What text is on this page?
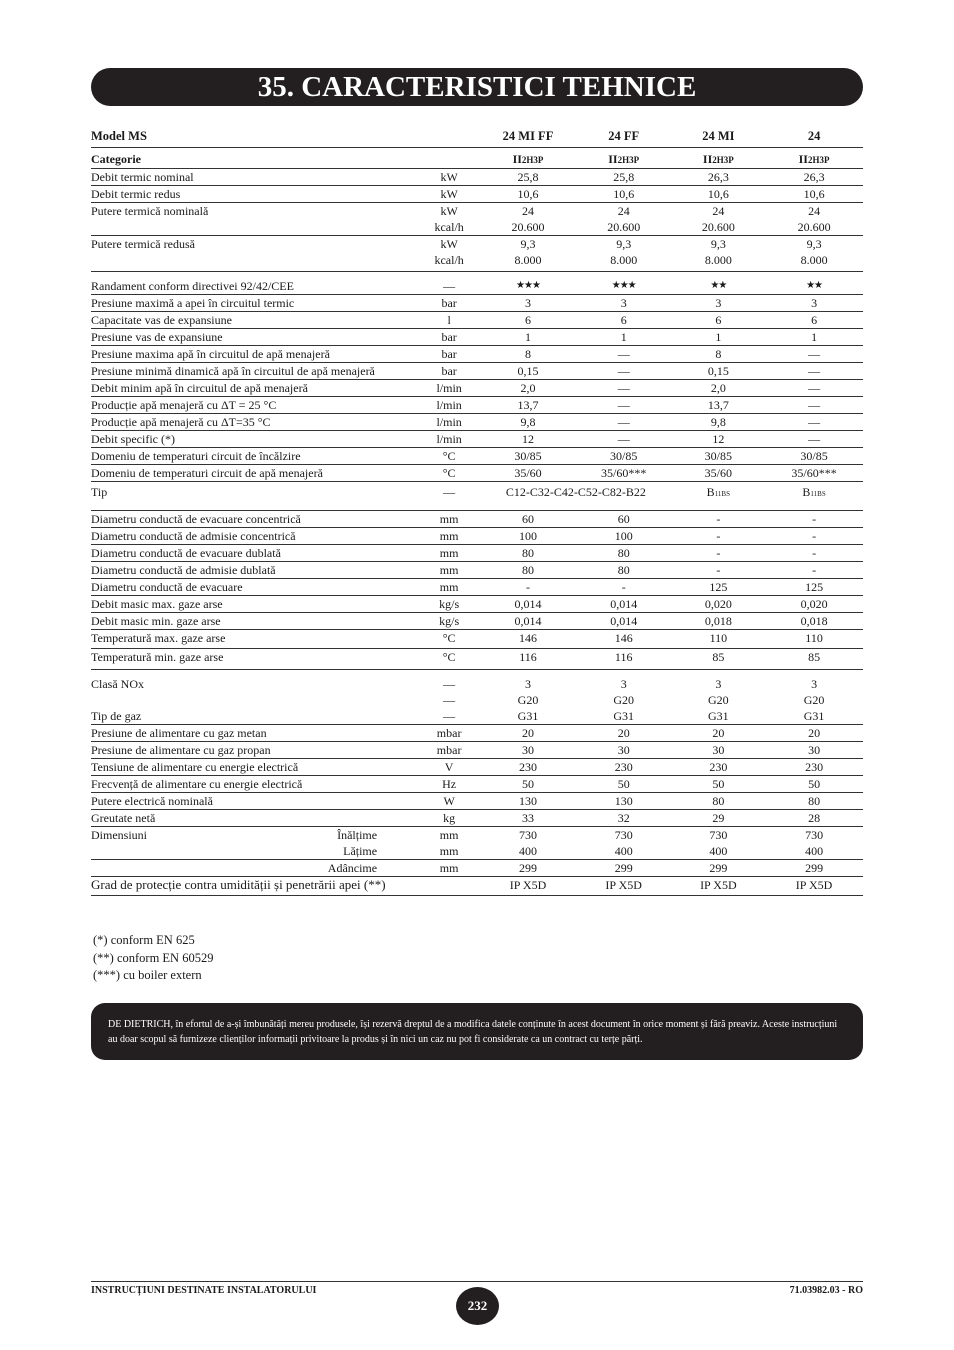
35. CARACTERISTICI TEHNICE
Model MS		24 MI FF	24 FF	24 MI	24
Categorie		II2H3P	II2H3P	II2H3P	II2H3P
Debit termic nominal	kW	25,8	25,8	26,3	26,3
Debit termic redus	kW	10,6	10,6	10,6	10,6
Putere termică nominală	kW	24	24	24	24
	kcal/h	20.600	20.600	20.600	20.600
Putere termică redusă	kW	9,3	9,3	9,3	9,3
	kcal/h	8.000	8.000	8.000	8.000
Randament conform directivei 92/42/CEE	—	★★★	★★★	★★	★★
Presiune maximă a apei în circuitul termic	bar	3	3	3	3
Capacitate vas de expansiune	l	6	6	6	6
Presiune vas de expansiune	bar	1	1	1	1
Presiune maxima apă în circuitul de apă menajeră	bar	8	—	8	—
Presiune minimă dinamică apă în circuitul de apă menajeră	bar	0,15	—	0,15	—
Debit minim apă în circuitul de apă menajeră	l/min	2,0	—	2,0	—
Producție apă menajeră cu ΔT = 25 °C	l/min	13,7	—	13,7	—
Producție apă menajeră cu ΔT=35 °C	l/min	9,8	—	9,8	—
Debit specific (*)	l/min	12	—	12	—
Domeniu de temperaturi circuit de încălzire	°C	30/85	30/85	30/85	30/85
Domeniu de temperaturi circuit de apă menajeră	°C	35/60	35/60***	35/60	35/60***
Tip	—	C12-C32-C42-C52-C82-B22		B11BS	B11BS
Diametru conductă de evacuare concentrică	mm	60	60	-	-
Diametru conductă de admisie concentrică	mm	100	100	-	-
Diametru conductă de evacuare dublată	mm	80	80	-	-
Diametru conductă de admisie dublată	mm	80	80	-	-
Diametru conductă de evacuare	mm	-	-	125	125
Debit masic max. gaze arse	kg/s	0,014	0,014	0,020	0,020
Debit masic min. gaze arse	kg/s	0,014	0,014	0,018	0,018
Temperatură max. gaze arse	°C	146	146	110	110
Temperatură min. gaze arse	°C	116	116	85	85
Clasă NOx	—	3	3	3	3
	—	G20	G20	G20	G20
Tip de gaz	—	G31	G31	G31	G31
Presiune de alimentare cu gaz metan	mbar	20	20	20	20
Presiune de alimentare cu gaz propan	mbar	30	30	30	30
Tensiune de alimentare cu energie electrică	V	230	230	230	230
Frecvență de alimentare cu energie electrică	Hz	50	50	50	50
Putere electrică nominală	W	130	130	80	80
Greutate netă	kg	33	32	29	28
Dimensiuni Înălțime	mm	730	730	730	730

Lățime	mm	400	400	400	400

Adâncime	mm	299	299	299	299
Grad de protecție contra umidității și penetrării apei (**)		IP X5D	IP X5D	IP X5D	IP X5D
(*) conform EN 625
(**) conform EN 60529
(***) cu boiler extern
DE DIETRICH, în efortul de a-și îmbunătăți mereu produsele, își rezervă dreptul de a modifica datele conținute în acest document în orice moment și fără preaviz. Aceste instrucțiuni au doar scopul să furnizeze clienților informații privitoare la produs și în nici un caz nu pot fi considerate ca un contract cu terțe părți.
INSTRUCȚIUNI DESTINATE INSTALATORULUI
232
71.03982.03 - RO
